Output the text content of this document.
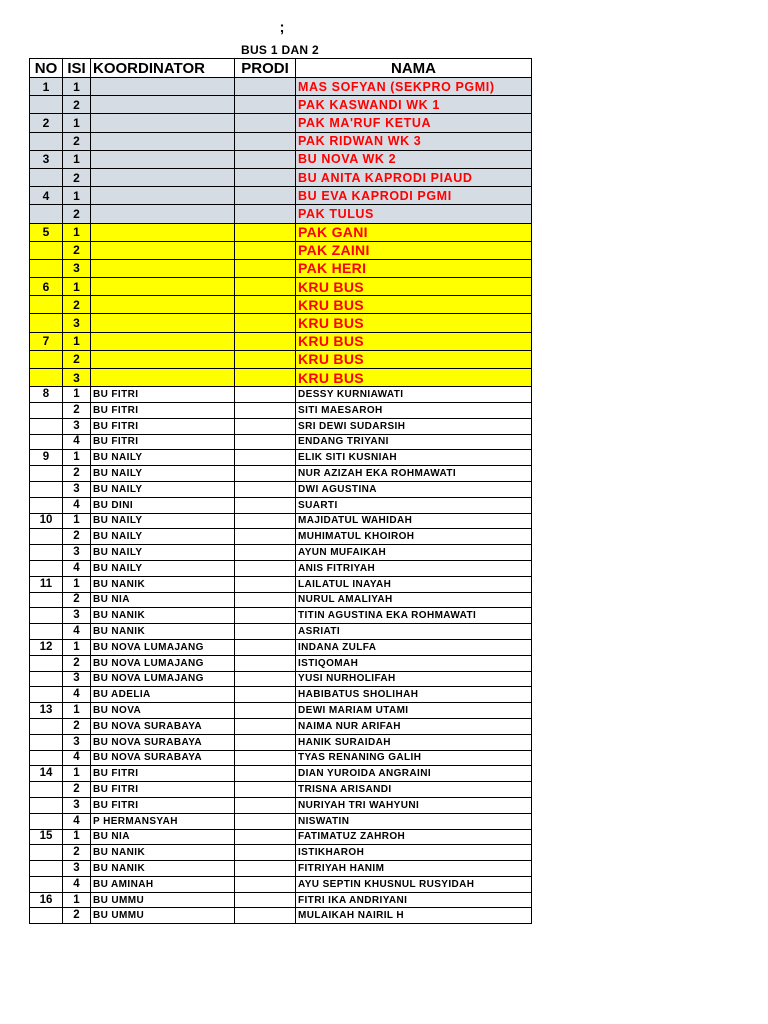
;
BUS 1 DAN 2
NO	ISI	KOORDINATOR	PRODI	NAMA
1	1			MAS SOFYAN (SEKPRO PGMI)
	2			PAK KASWANDI WK 1
2	1			PAK MA'RUF KETUA
	2			PAK RIDWAN WK 3
3	1			BU NOVA WK 2
	2			BU ANITA KAPRODI PIAUD
4	1			BU EVA KAPRODI PGMI
	2			PAK TULUS
5	1			PAK GANI
	2			PAK ZAINI
	3			PAK HERI
6	1			KRU BUS
	2			KRU BUS
	3			KRU BUS
7	1			KRU BUS
	2			KRU BUS
	3			KRU BUS
8	1	BU FITRI		DESSY KURNIAWATI
	2	BU FITRI		SITI MAESAROH
	3	BU FITRI		SRI DEWI SUDARSIH
	4	BU FITRI		ENDANG TRIYANI
9	1	BU NAILY		ELIK SITI KUSNIAH
	2	BU NAILY		NUR AZIZAH EKA ROHMAWATI
	3	BU NAILY		DWI AGUSTINA
	4	BU DINI		SUARTI
10	1	BU NAILY		MAJIDATUL WAHIDAH
	2	BU NAILY		MUHIMATUL KHOIROH
	3	BU NAILY		AYUN MUFAIKAH
	4	BU NAILY		ANIS FITRIYAH
11	1	BU NANIK		LAILATUL INAYAH
	2	BU NIA		NURUL AMALIYAH
	3	BU NANIK		TITIN AGUSTINA EKA ROHMAWATI
	4	BU NANIK		ASRIATI
12	1	BU NOVA LUMAJANG		INDANA ZULFA
	2	BU NOVA LUMAJANG		ISTIQOMAH
	3	BU NOVA LUMAJANG		YUSI NURHOLIFAH
	4	BU ADELIA		HABIBATUS SHOLIHAH
13	1	BU NOVA		DEWI MARIAM UTAMI
	2	BU NOVA SURABAYA		NAIMA NUR ARIFAH
	3	BU NOVA SURABAYA		HANIK SURAIDAH
	4	BU NOVA SURABAYA		TYAS RENANING GALIH
14	1	BU FITRI		DIAN YUROIDA ANGRAINI
	2	BU FITRI		TRISNA ARISANDI
	3	BU FITRI		NURIYAH TRI WAHYUNI
	4	P HERMANSYAH		NISWATIN
15	1	BU NIA		FATIMATUZ ZAHROH
	2	BU NANIK		ISTIKHAROH
	3	BU NANIK		FITRIYAH HANIM
	4	BU AMINAH		AYU SEPTIN KHUSNUL RUSYIDAH
16	1	BU UMMU		FITRI IKA ANDRIYANI
	2	BU UMMU		MULAIKAH NAIRIL H
